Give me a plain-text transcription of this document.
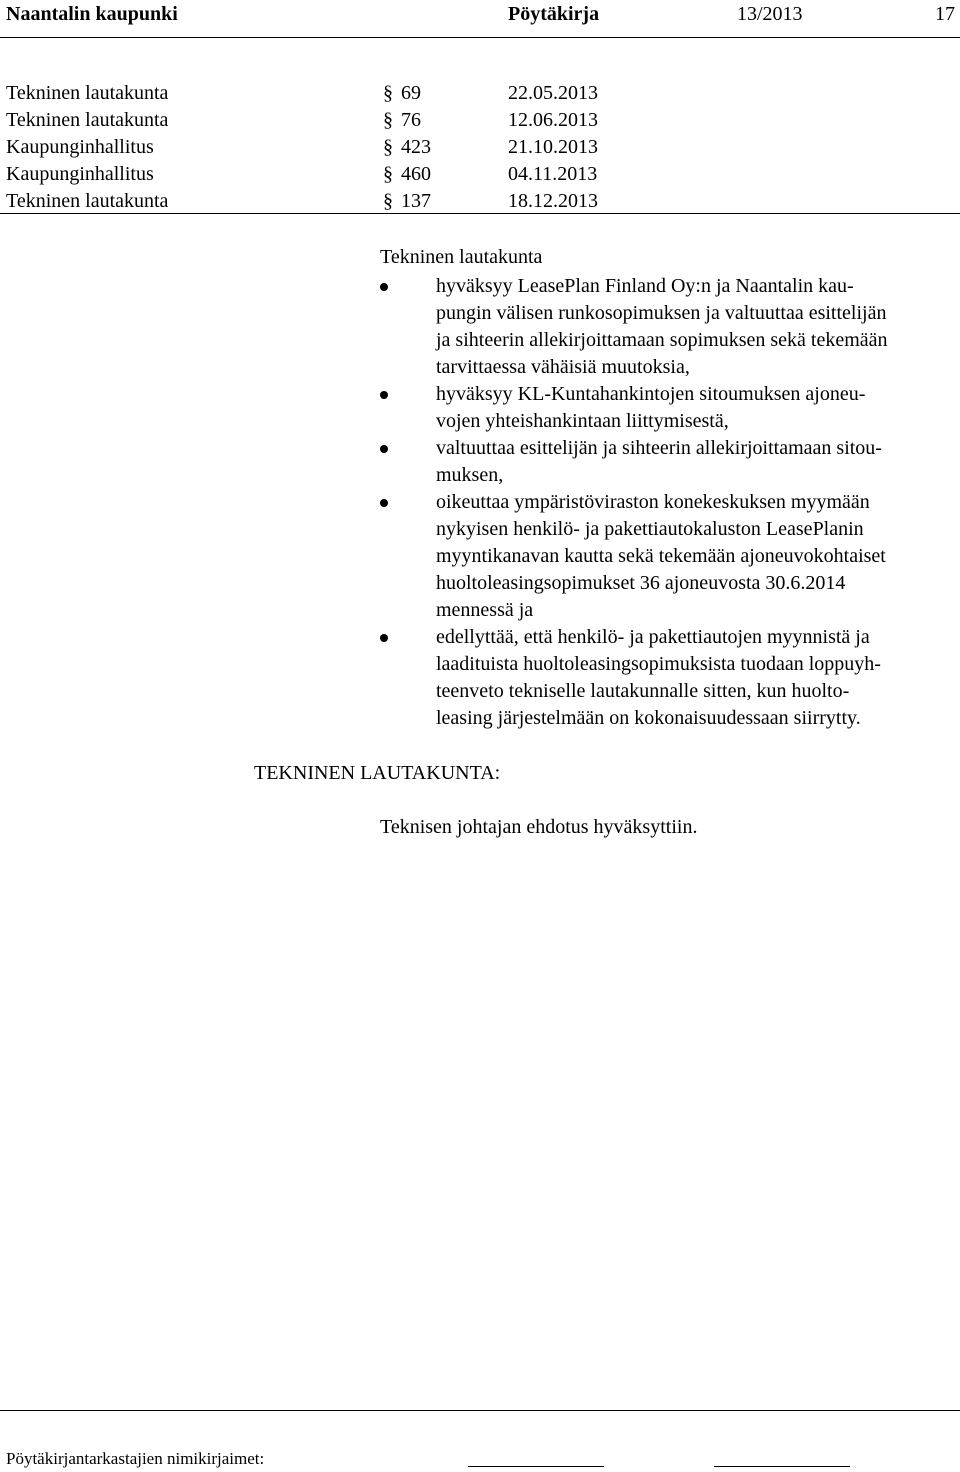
Naantalin kaupunki	Pöytäkirja	13/2013	17
Tekninen lautakunta	§ 69	22.05.2013
Tekninen lautakunta	§ 76	12.06.2013
Kaupunginhallitus	§ 423	21.10.2013
Kaupunginhallitus	§ 460	04.11.2013
Tekninen lautakunta	§ 137	18.12.2013
Tekninen lautakunta
hyväksyy LeasePlan Finland Oy:n ja Naantalin kau-
pungin välisen runkosopimuksen ja valtuuttaa esittelijän
ja sihteerin allekirjoittamaan sopimuksen sekä tekemään
tarvittaessa vähäisiä muutoksia,
hyväksyy KL-Kuntahankintojen sitoumuksen ajoneu-
vojen yhteishankintaan liittymisestä,
valtuuttaa esittelijän ja sihteerin allekirjoittamaan sitou-
muksen,
oikeuttaa ympäristöviraston konekeskuksen myymään
nykyisen henkilö- ja pakettiautokaluston LeasePlanin
myyntikanavan kautta sekä tekemään ajoneuvokohtaiset
huoltoleasingsopimukset 36 ajoneuvosta 30.6.2014
mennessä ja
edellyttää, että henkilö- ja pakettiautojen myynnistä ja
laadituista huoltoleasingsopimuksista tuodaan loppuyh-
teenveto tekniselle lautakunnalle sitten, kun huolto-
leasing järjestelmään on kokonaisuudessaan siirrytty.
TEKNINEN LAUTAKUNTA:
Teknisen johtajan ehdotus hyväksyttiin.
Pöytäkirjantarkastajien nimikirjaimet:
